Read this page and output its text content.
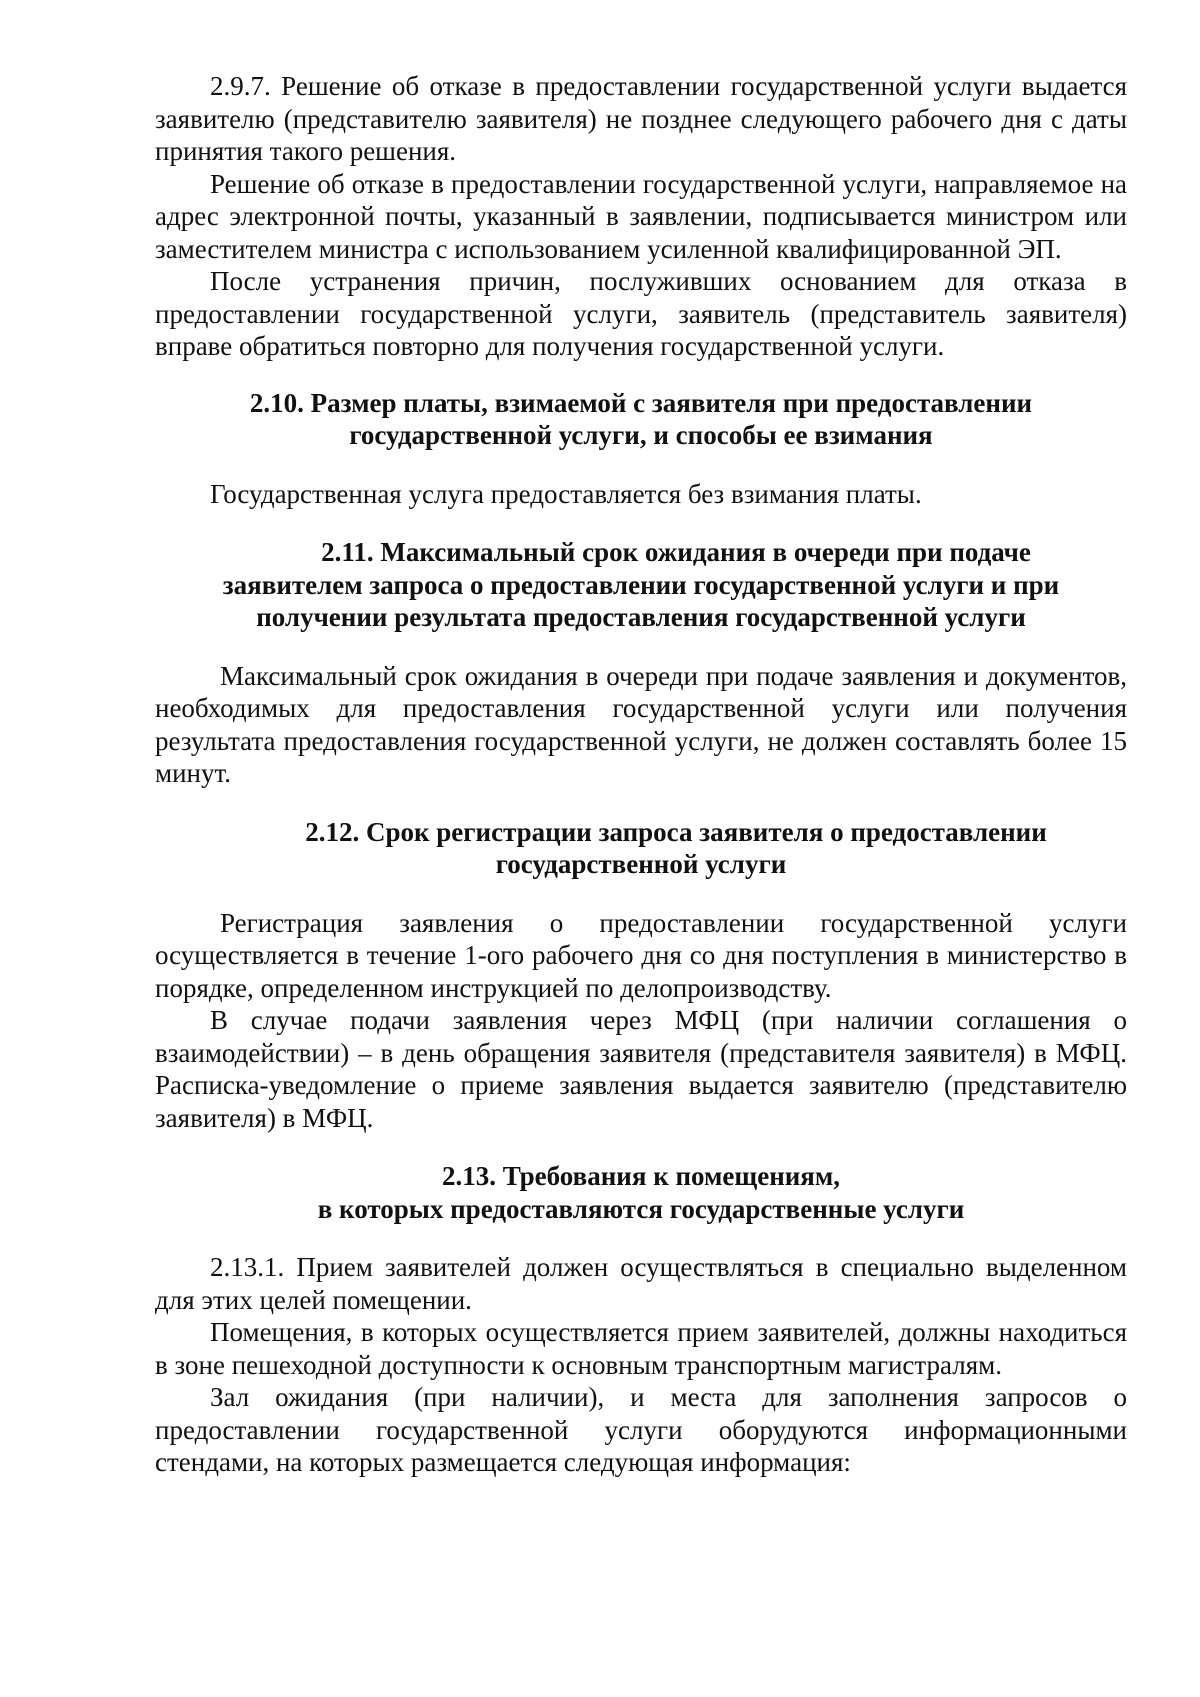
2.9.7. Решение об отказе в предоставлении государственной услуги выдается заявителю (представителю заявителя) не позднее следующего рабочего дня с даты принятия такого решения.

Решение об отказе в предоставлении государственной услуги, направляемое на адрес электронной почты, указанный в заявлении, подписывается министром или заместителем министра с использованием усиленной квалифицированной ЭП.

После устранения причин, послуживших основанием для отказа в предоставлении государственной услуги, заявитель (представитель заявителя) вправе обратиться повторно для получения государственной услуги.

2.10. Размер платы, взимаемой с заявителя при предоставлении

государственной услуги, и способы ее взимания

Государственная услуга предоставляется без взимания платы.

2.11. Максимальный срок ожидания в очереди при подаче

заявителем запроса о предоставлении государственной услуги и при

получении результата предоставления государственной услуги

Максимальный срок ожидания в очереди при подаче заявления и документов, необходимых для предоставления государственной услуги или получения результата предоставления государственной услуги, не должен составлять более 15 минут.

2.12. Срок регистрации запроса заявителя о предоставлении

государственной услуги

Регистрация заявления о предоставлении государственной услуги осуществляется в течение 1-ого рабочего дня со дня поступления в министерство в порядке, определенном инструкцией по делопроизводству.

В случае подачи заявления через МФЦ (при наличии соглашения о взаимодействии) – в день обращения заявителя (представителя заявителя) в МФЦ. Расписка-уведомление о приеме заявления выдается заявителю (представителю заявителя) в МФЦ.

2.13. Требования к помещениям,

в которых предоставляются государственные услуги

2.13.1. Прием заявителей должен осуществляться в специально выделенном для этих целей помещении.

Помещения, в которых осуществляется прием заявителей, должны находиться в зоне пешеходной доступности к основным транспортным магистралям.

Зал ожидания (при наличии), и места для заполнения запросов о предоставлении государственной услуги оборудуются информационными стендами, на которых размещается следующая информация:
